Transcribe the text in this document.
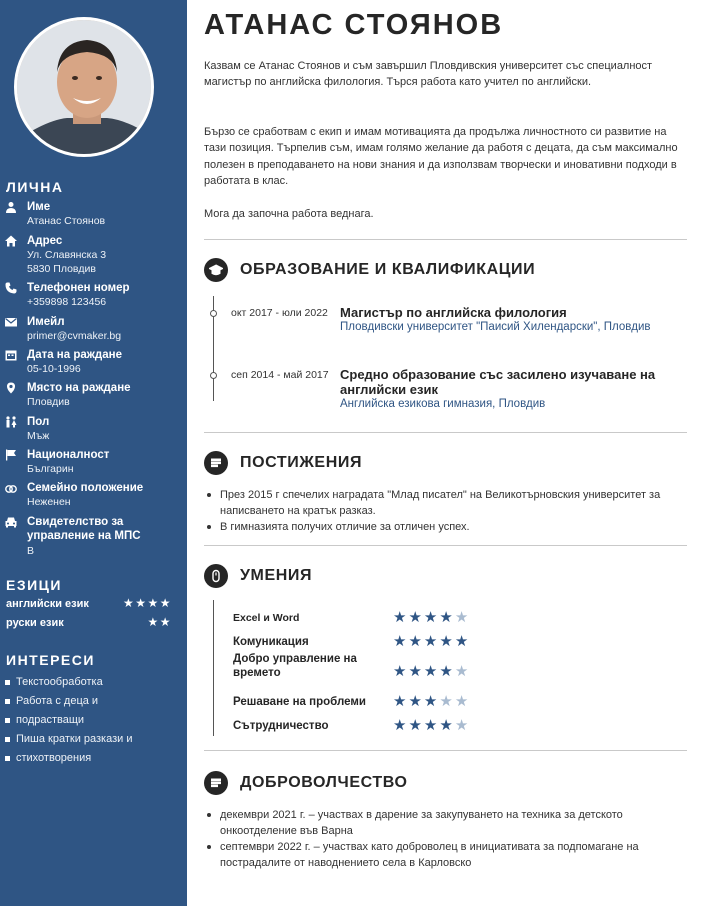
ЛИЧНА
Име
Атанас Стоянов
Адрес
Ул. Славянска 3
5830 Пловдив
Телефонен номер
+359898 123456
Имейл
primer@cvmaker.bg
Дата на раждане
05-10-1996
Място на раждане
Пловдив
Пол
Мъж
Националност
Българин
Семейно положение
Неженен
Свидетелство за
управление на МПС
B
ЕЗИЦИ
английски език	★★★★
руски език	★★
ИНТЕРЕСИ
Текстообработка
Работа с деца и
подрастващи
Пиша кратки разкази и
стихотворения
АТАНАС СТОЯНОВ

Казвам се Атанас Стоянов и съм завършил Пловдивския университет със специалност магистър по английска филология. Търся работа като учител по английски.

Бързо се сработвам с екип и имам мотивацията да продължа личностното си развитие на тази позиция. Търпелив съм, имам голямо желание да работя с децата, да съм максимално полезен в преподаването на нови знания и да използвам творчески и иновативни подходи в работата в клас.

Мога да започна работа веднага.

ОБРАЗОВАНИЕ И КВАЛИФИКАЦИИ
окт 2017 - юли 2022 Магистър по английска филология
Пловдивски университет "Паисий Хилендарски", Пловдив
сеп 2014 - май 2017 Средно образование със засилено изучаване на английски език
Английска езикова гимназия, Пловдив
ПОСТИЖЕНИЯ
През 2015 г спечелих наградата "Млад писател" на Великотърновския университет за написването на кратък разказ.
В гимназията получих отличие за отличен успех.
УМЕНИЯ
Excel и Word	★★★★★
Комуникация	★★★★★
Добро управление на времето	★★★★★
Решаване на проблеми	★★★★★
Сътрудничество	★★★★★
ДОБРОВОЛЧЕСТВО
декември 2021 г. – участвах в дарение за закупуването на техника за детското онкоотделение във Варна
септември 2022 г. – участвах като доброволец в инициативата за подпомагане на пострадалите от наводнението села в Карловско
